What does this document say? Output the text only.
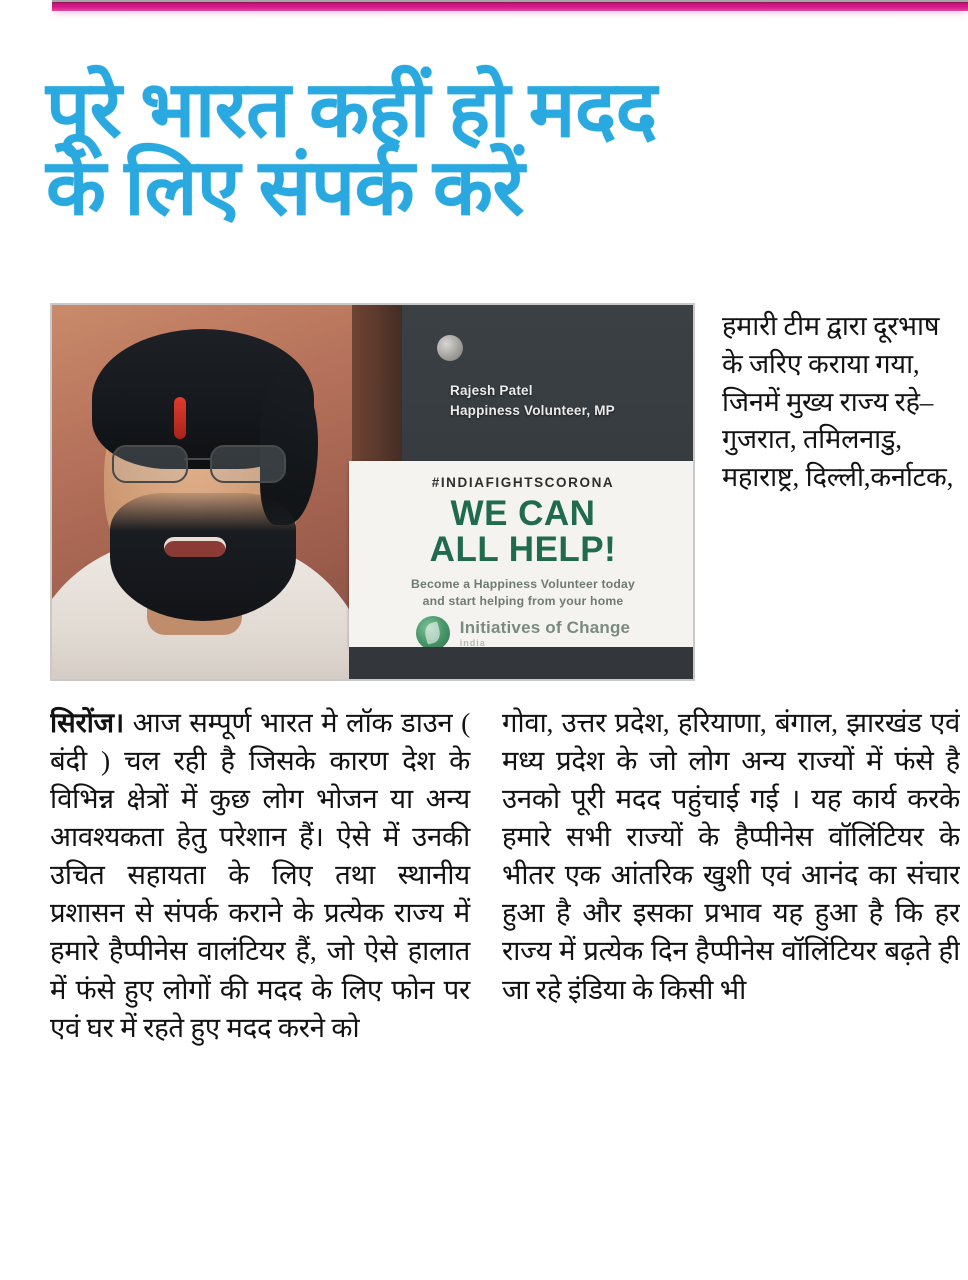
पूरे भारत कहीं हो मदद
के लिए संपर्क करें
Rajesh Patel
Happiness Volunteer, MP
#INDIAFIGHTSCORONA
WE CAN
ALL HELP!
Become a Happiness Volunteer today
and start helping from your home
Initiatives of Change
india
हमारी टीम द्वारा दूरभाष के जरिए कराया गया, जिनमें मुख्य राज्य रहे– गुजरात, तमिलनाडु, महाराष्ट्र, दिल्ली,कर्नाटक,
सिरोंज। आज सम्पूर्ण भारत मे लॉक डाउन ( बंदी ) चल रही है जिसके कारण देश के विभिन्न क्षेत्रों में कुछ लोग भोजन या अन्य आवश्यकता हेतु परेशान हैं। ऐसे में उनकी उचित सहायता के लिए तथा स्थानीय प्रशासन से संपर्क कराने के प्रत्येक राज्य में हमारे हैप्पीनेस वालंटियर हैं, जो ऐसे हालात में फंसे हुए लोगों की मदद के लिए फोन पर एवं घर में रहते हुए मदद करने को
गोवा, उत्तर प्रदेश, हरियाणा, बंगाल, झारखंड एवं मध्य प्रदेश के जो लोग अन्य राज्यों में फंसे है उनको पूरी मदद पहुंचाई गई । यह कार्य करके हमारे सभी राज्यों के हैप्पीनेस वॉलिंटियर के भीतर एक आंतरिक खुशी एवं आनंद का संचार हुआ है और इसका प्रभाव यह हुआ है कि हर राज्य में प्रत्येक दिन हैप्पीनेस वॉलिंटियर बढ़ते ही जा रहे इंडिया के किसी भी
